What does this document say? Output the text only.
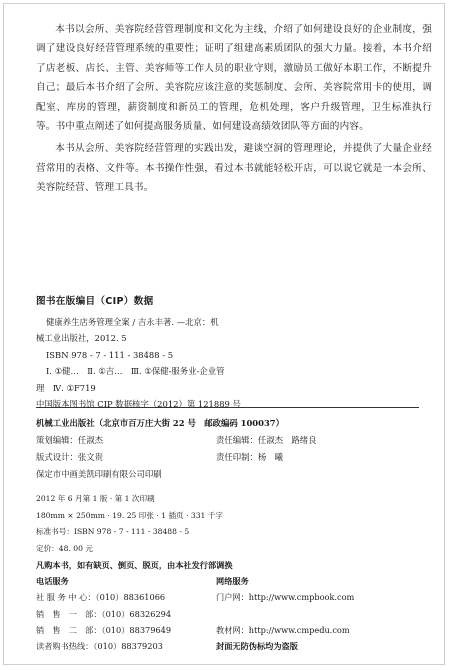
本书以会所、美容院经营管理制度和文化为主线，介绍了如何建设良好的企业制度，强调了建设良好经营管理系统的重要性；证明了组建高素质团队的强大力量。接着，本书介绍了店老板、店长、主管、美容师等工作人员的职业守则，激励员工做好本职工作，不断提升自己；最后本书介绍了会所、美容院应该注意的奖惩制度、会所、美容院常用卡的使用，调配室、库房的管理，薪资制度和新员工的管理，危机处理，客户升级管理，卫生标准执行等。书中重点阐述了如何提高服务质量、如何建设高绩效团队等方面的内容。

本书从会所、美容院经营管理的实践出发，避谈空洞的管理理论，并提供了大量企业经营常用的表格、文件等。本书操作性强，看过本书就能轻松开店，可以说它就是一本会所、美容院经营、管理工具书。

图书在版编目（CIP）数据
健康养生店务管理全案 / 吉永丰著. —北京：机
械工业出版社，2012. 5
ISBN 978 - 7 - 111 - 38488 - 5
Ⅰ. ①健…　Ⅱ. ①吉…　Ⅲ. ①保健-服务业-企业管
理　Ⅳ. ①F719
中国版本图书馆 CIP 数据核字（2012）第 121889 号
机械工业出版社（北京市百万庄大街 22 号　邮政编码 100037）
策划编辑：任淑杰	责任编辑：任淑杰　路绪良
版式设计：张文贵	责任印制：杨　曦
保定市中画美凯印刷有限公司印刷
2012 年 6 月第 1 版 · 第 1 次印刷
180mm × 250mm · 19. 25 印张 · 1 插页 · 331 千字
标准书号：ISBN 978 - 7 - 111 - 38488 - 5
定价：48. 00 元
凡购本书，如有缺页、倒页、脱页，由本社发行部调换
电话服务	网络服务
社 服 务 中 心：（010）88361066	门户网：http://www.cmpbook.com
销　售　一　部：（010）68326294
销　售　二　部：（010）88379649	教材网：http://www.cmpedu.com
读者购书热线：（010）88379203	封面无防伪标均为盗版
